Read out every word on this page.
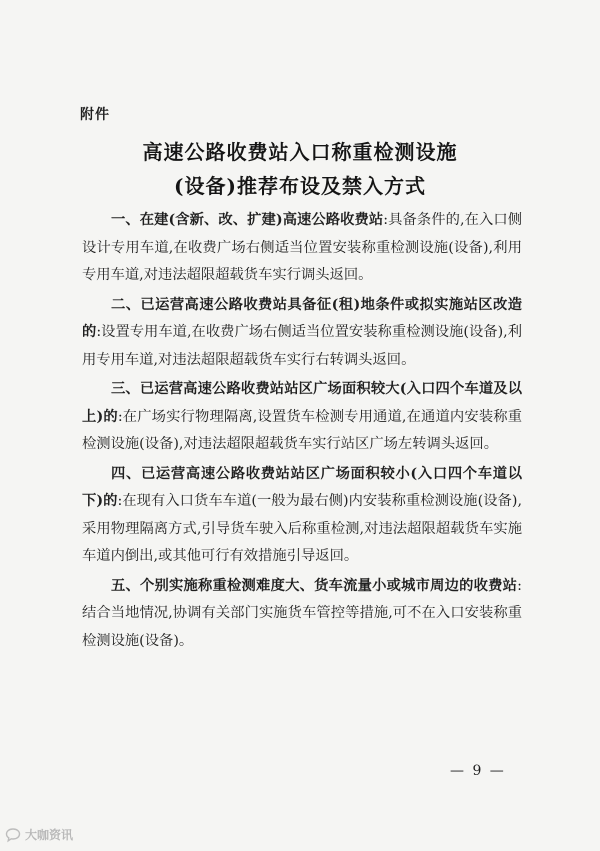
附件
高速公路收费站入口称重检测设施
(设备)推荐布设及禁入方式

一、在建(含新、改、扩建)高速公路收费站:具备条件的,在入口侧设计专用车道,在收费广场右侧适当位置安装称重检测设施(设备),利用专用车道,对违法超限超载货车实行调头返回。

二、已运营高速公路收费站具备征(租)地条件或拟实施站区改造的:设置专用车道,在收费广场右侧适当位置安装称重检测设施(设备),利用专用车道,对违法超限超载货车实行右转调头返回。

三、已运营高速公路收费站站区广场面积较大(入口四个车道及以上)的:在广场实行物理隔离,设置货车检测专用通道,在通道内安装称重检测设施(设备),对违法超限超载货车实行站区广场左转调头返回。

四、已运营高速公路收费站站区广场面积较小(入口四个车道以下)的:在现有入口货车车道(一般为最右侧)内安装称重检测设施(设备),采用物理隔离方式,引导货车驶入后称重检测,对违法超限超载货车实施车道内倒出,或其他可行有效措施引导返回。

五、个别实施称重检测难度大、货车流量小或城市周边的收费站:结合当地情况,协调有关部门实施货车管控等措施,可不在入口安装称重检测设施(设备)。

— 9 —
大咖资讯
